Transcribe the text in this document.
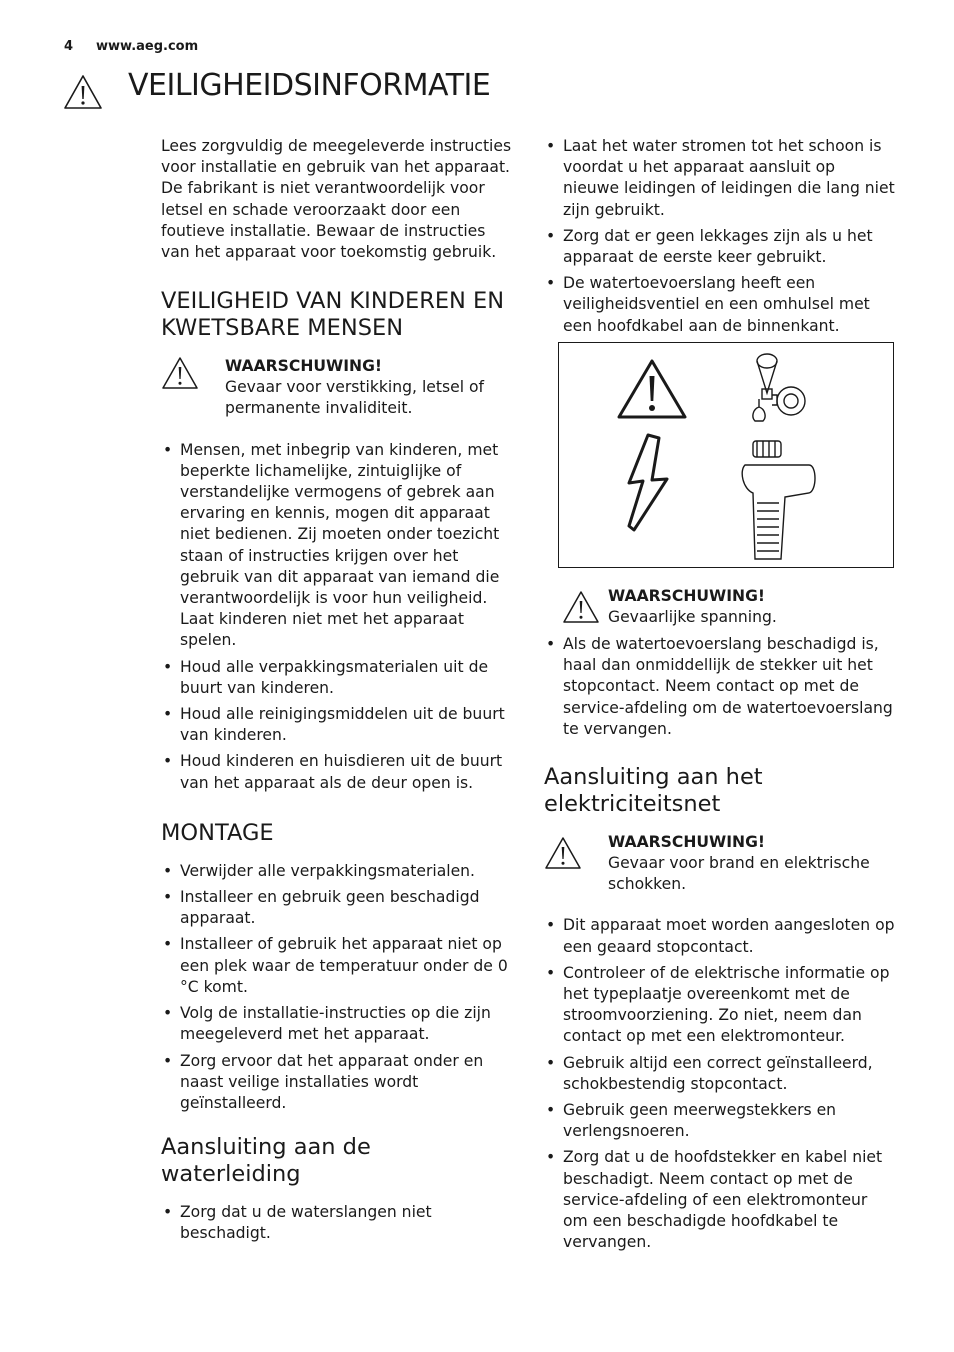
4 www.aeg.com
VEILIGHEIDSINFORMATIE

Lees zorgvuldig de meegeleverde instructies voor installatie en gebruik van het apparaat. De fabrikant is niet verantwoordelijk voor letsel en schade veroorzaakt door een foutieve installatie. Bewaar de instructies van het apparaat voor toekomstig gebruik.

VEILIGHEID VAN KINDEREN EN KWETSBARE MENSEN
WAARSCHUWING!
Gevaar voor verstikking, letsel of permanente invaliditeit.
• Mensen, met inbegrip van kinderen, met beperkte lichamelijke, zintuiglijke of verstandelijke vermogens of gebrek aan ervaring en kennis, mogen dit apparaat niet bedienen. Zij moeten onder toezicht staan of instructies krijgen over het gebruik van dit apparaat van iemand die verantwoordelijk is voor hun veiligheid. Laat kinderen niet met het apparaat spelen.
• Houd alle verpakkingsmaterialen uit de buurt van kinderen.
• Houd alle reinigingsmiddelen uit de buurt van kinderen.
• Houd kinderen en huisdieren uit de buurt van het apparaat als de deur open is.
MONTAGE
• Verwijder alle verpakkingsmaterialen.
• Installeer en gebruik geen beschadigd apparaat.
• Installeer of gebruik het apparaat niet op een plek waar de temperatuur onder de 0 °C komt.
• Volg de installatie-instructies op die zijn meegeleverd met het apparaat.
• Zorg ervoor dat het apparaat onder en naast veilige installaties wordt geïnstalleerd.
Aansluiting aan de waterleiding
• Zorg dat u de waterslangen niet beschadigt.
• Laat het water stromen tot het schoon is voordat u het apparaat aansluit op nieuwe leidingen of leidingen die lang niet zijn gebruikt.
• Zorg dat er geen lekkages zijn als u het apparaat de eerste keer gebruikt.
• De watertoevoerslang heeft een veiligheidsventiel en een omhulsel met een hoofdkabel aan de binnenkant.
WAARSCHUWING!
Gevaarlijke spanning.
• Als de watertoevoerslang beschadigd is, haal dan onmiddellijk de stekker uit het stopcontact. Neem contact op met de service-afdeling om de watertoevoerslang te vervangen.
Aansluiting aan het elektriciteitsnet
WAARSCHUWING!
Gevaar voor brand en elektrische schokken.
• Dit apparaat moet worden aangesloten op een geaard stopcontact.
• Controleer of de elektrische informatie op het typeplaatje overeenkomt met de stroomvoorziening. Zo niet, neem dan contact op met een elektromonteur.
• Gebruik altijd een correct geïnstalleerd, schokbestendig stopcontact.
• Gebruik geen meerwegstekkers en verlengsnoeren.
• Zorg dat u de hoofdstekker en kabel niet beschadigt. Neem contact op met de service-afdeling of een elektromonteur om een beschadigde hoofdkabel te vervangen.
